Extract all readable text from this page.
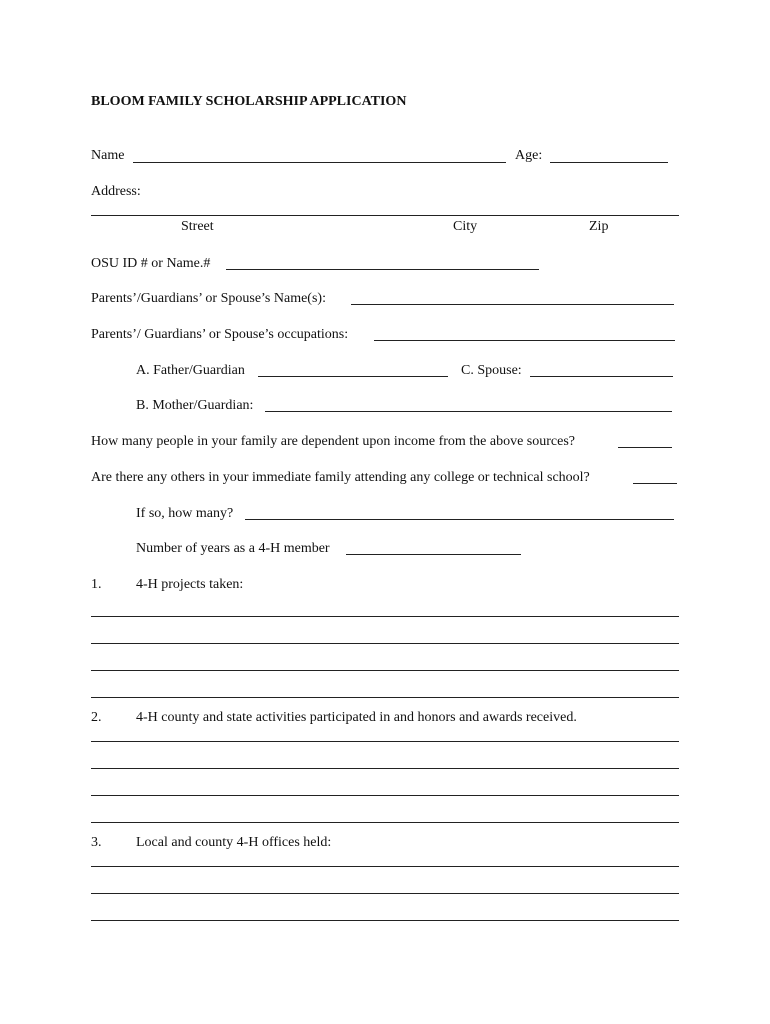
BLOOM FAMILY SCHOLARSHIP APPLICATION
Name	Age:
Address:
Street	City	Zip
OSU ID # or Name.#
Parents’/Guardians’ or Spouse’s Name(s):
Parents’/ Guardians’ or Spouse’s occupations:
A. Father/Guardian	C. Spouse:
B. Mother/Guardian:
How many people in your family are dependent upon income from the above sources?
Are there any others in your immediate family attending any college or technical school?
If so, how many?
Number of years as a 4-H member
1. 4-H projects taken:
2. 4-H county and state activities participated in and honors and awards received.
3. Local and county 4-H offices held:
